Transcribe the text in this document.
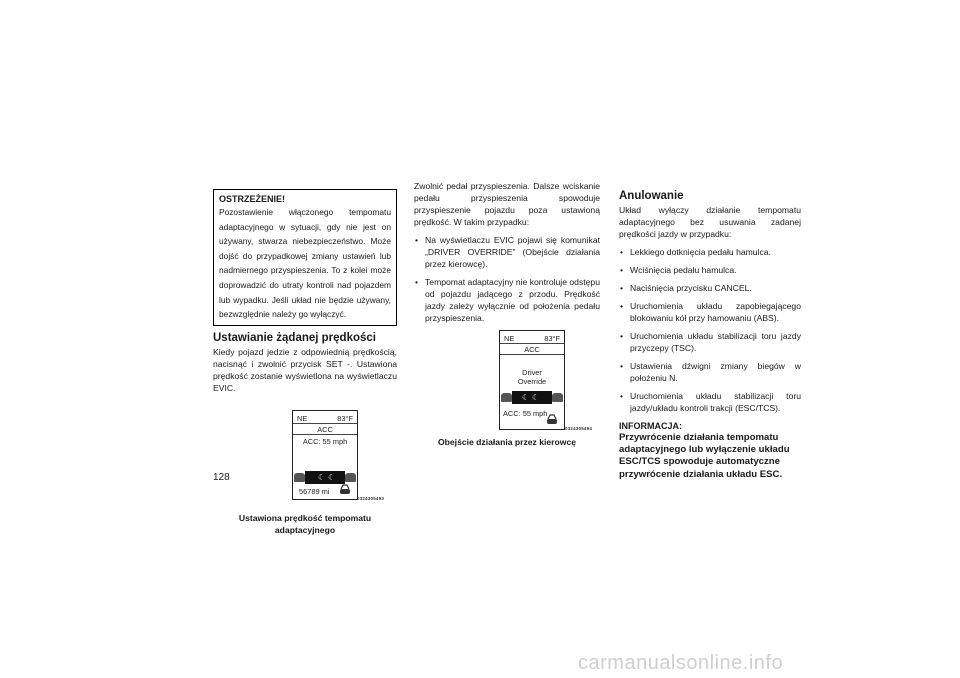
OSTRZEŻENIE!
Pozostawienie włączonego tempomatu adaptacyjnego w sytuacji, gdy nie jest on używany, stwarza niebezpieczeństwo. Może dojść do przypadkowej zmiany ustawień lub nadmiernego przyspieszenia. To z kolei może doprowadzić do utraty kontroli nad pojazdem lub wypadku. Jeśli układ nie będzie używany, bezwzględnie należy go wyłączyć.
Ustawianie żądanej prędkości

Kiedy pojazd jedzie z odpowiednią prędkością, nacisnąć i zwolnić przycisk SET -. Ustawiona prędkość zostanie wyświetlona na wyświetlaczu EVIC.

NE	83°F
ACC
ACC: 55 mph
☾ ☾
56789 mi
0324305493
Ustawiona prędkość tempomatu adaptacyjnego

Zwolnić pedał przyspieszenia. Dalsze wciskanie pedału przyspieszenia spowoduje przyspieszenie pojazdu poza ustawioną prędkość. W takim przypadku:

• Na wyświetlaczu EVIC pojawi się komunikat „DRIVER OVERRIDE” (Obejście działania przez kierowcę).
• Tempomat adaptacyjny nie kontroluje odstępu od pojazdu jadącego z przodu. Prędkość jazdy zależy wyłącznie od położenia pedału przyspieszenia.
NE	83°F
ACC
Driver
Override
☾ ☾
ACC: 55 mph
0324305494
Obejście działania przez kierowcę
Anulowanie

Układ wyłączy działanie tempomatu adaptacyjnego bez usuwania zadanej prędkości jazdy w przypadku:

• Lekkiego dotknięcia pedału hamulca.
• Wciśnięcia pedału hamulca.
• Naciśnięcia przycisku CANCEL.
• Uruchomienia układu zapobiegającego blokowaniu kół przy hamowaniu (ABS).
• Uruchomienia układu stabilizacji toru jazdy przyczepy (TSC).
• Ustawienia dźwigni zmiany biegów w położeniu N.
• Uruchomienia układu stabilizacji toru jazdy/układu kontroli trakcji (ESC/TCS).
INFORMACJA:
Przywrócenie działania tempomatu adaptacyjnego lub wyłączenie układu ESC/TCS spowoduje automatyczne przywrócenie działania układu ESC.
128
carmanualsonline.info
